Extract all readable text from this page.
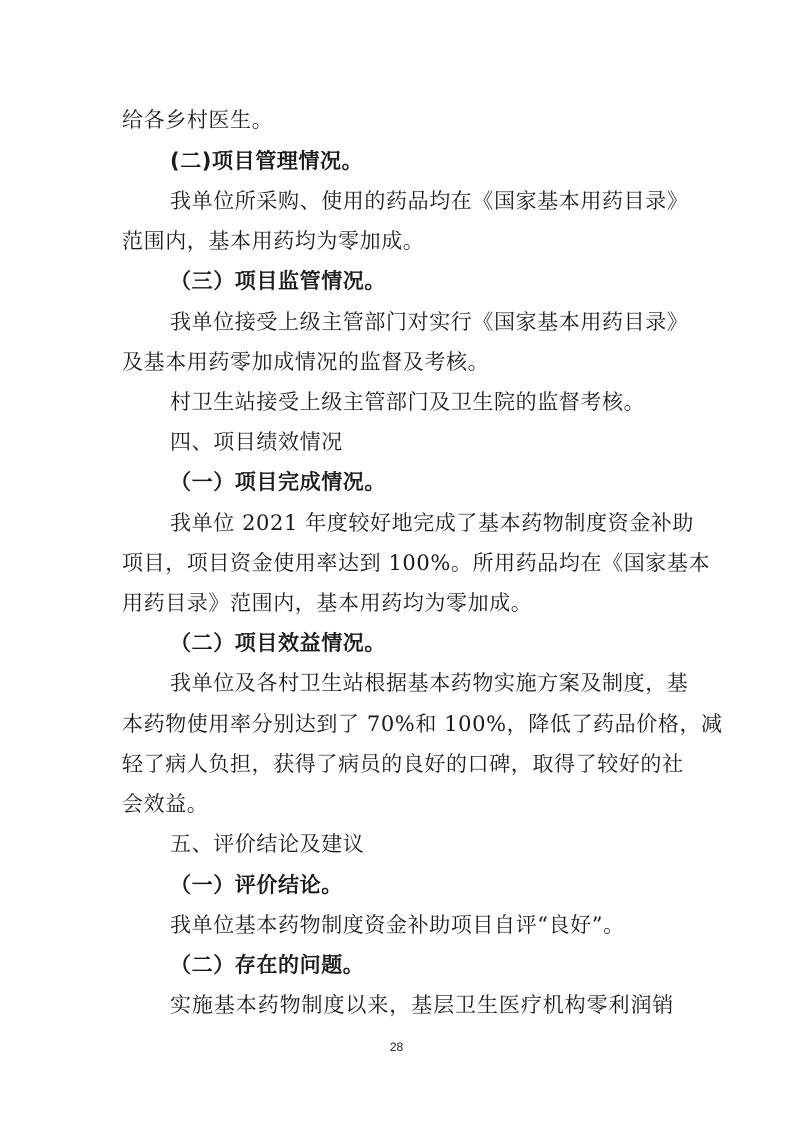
给各乡村医生。
(二)项目管理情况。
我单位所采购、使用的药品均在《国家基本用药目录》
范围内，基本用药均为零加成。
（三）项目监管情况。
我单位接受上级主管部门对实行《国家基本用药目录》
及基本用药零加成情况的监督及考核。
村卫生站接受上级主管部门及卫生院的监督考核。
四、项目绩效情况
（一）项目完成情况。
我单位 2021 年度较好地完成了基本药物制度资金补助
项目，项目资金使用率达到 100%。所用药品均在《国家基本
用药目录》范围内，基本用药均为零加成。
（二）项目效益情况。
我单位及各村卫生站根据基本药物实施方案及制度，基
本药物使用率分别达到了 70%和 100%，降低了药品价格，减
轻了病人负担，获得了病员的良好的口碑，取得了较好的社
会效益。
五、评价结论及建议
（一）评价结论。
我单位基本药物制度资金补助项目自评“良好”。
（二）存在的问题。
实施基本药物制度以来，基层卫生医疗机构零利润销
28
